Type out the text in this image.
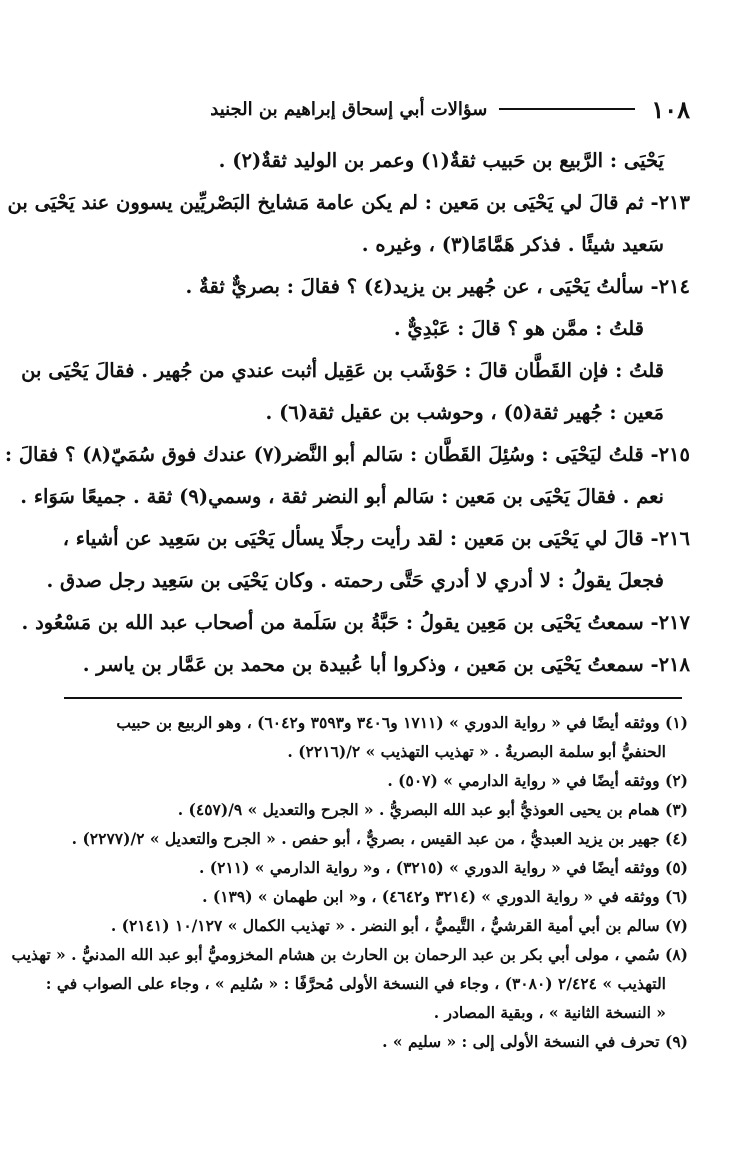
١٠٨
سؤالات أبي إسحاق إبراهيم بن الجنيد
يَحْيَى : الرَّبيع بن حَبيب ثقةٌ(١) وعمر بن الوليد ثقةٌ(٢) .
٢١٣- ثم قالَ لي يَحْيَى بن مَعين : لم يكن عامة مَشايخ البَصْريِّين يسوون عند يَحْيَى بن
سَعيد شيئًا . فذكر هَمَّامًا(٣) ، وغيره .
٢١٤- سألتُ يَحْيَى ، عن جُهير بن يزيد(٤) ؟ فقالَ : بصريٌّ ثقةٌ .
قلتُ : ممَّن هو ؟ قالَ : عَبْدِيٌّ .
قلتُ : فإن القَطَّان قالَ : حَوْشَب بن عَقِيل أثبت عندي من جُهير . فقالَ يَحْيَى بن
مَعين : جُهير ثقة(٥) ، وحوشب بن عقيل ثقة(٦) .
٢١٥- قلتُ ليَحْيَى : وسُئِلَ القَطَّان : سَالم أبو النَّضر(٧) عندك فوق سُمَيّ(٨) ؟ فقالَ :
نعم . فقالَ يَحْيَى بن مَعين : سَالم أبو النضر ثقة ، وسمي(٩) ثقة . جميعًا سَوَاء .
٢١٦- قالَ لي يَحْيَى بن مَعين : لقد رأيت رجلًا يسأل يَحْيَى بن سَعِيد عن أشياء ،
فجعلَ يقولُ : لا أدري لا أدري حَتَّى رحمته . وكان يَحْيَى بن سَعِيد رجل صدق .
٢١٧- سمعتُ يَحْيَى بن مَعِين يقولُ : حَبَّةُ بن سَلَمة من أصحاب عبد الله بن مَسْعُود .
٢١٨- سمعتُ يَحْيَى بن مَعين ، وذكروا أبا عُبيدة بن محمد بن عَمَّار بن ياسر .
(١) ووثقه أيضًا في « رواية الدوري » (١٧١١ و٣٤٠٦ و٣٥٩٣ و٦٠٤٢) ، وهو الربيع بن حبيب
الحنفيُّ أبو سلمة البصريةُ . « تهذيب التهذيب » ٢/(٢٢١٦) .
(٢) ووثقه أيضًا في « رواية الدارمي » (٥٠٧) .
(٣) همام بن يحيى العوذيُّ أبو عبد الله البصريُّ . « الجرح والتعديل » ٩/(٤٥٧) .
(٤) جهير بن يزيد العبديُّ ، من عبد القيس ، بصريٌّ ، أبو حفص . « الجرح والتعديل » ٢/(٢٢٧٧) .
(٥) ووثقه أيضًا في « رواية الدوري » (٣٢١٥) ، و« رواية الدارمي » (٢١١) .
(٦) ووثقه في « رواية الدوري » (٣٢١٤ و٤٦٤٢) ، و« ابن طهمان » (١٣٩) .
(٧) سالم بن أبي أمية القرشيُّ ، التَّيميُّ ، أبو النضر . « تهذيب الكمال » ١٠/١٢٧ (٢١٤١) .
(٨) سُمي ، مولى أبي بكر بن عبد الرحمان بن الحارث بن هشام المخزوميُّ أبو عبد الله المدنيُّ . « تهذيب
التهذيب » ٢/٤٢٤ (٣٠٨٠) ، وجاء في النسخة الأولى مُحرَّفًا : « سُليم » ، وجاء على الصواب في :
« النسخة الثانية » ، وبقية المصادر .
(٩) تحرف في النسخة الأولى إلى : « سليم » .
